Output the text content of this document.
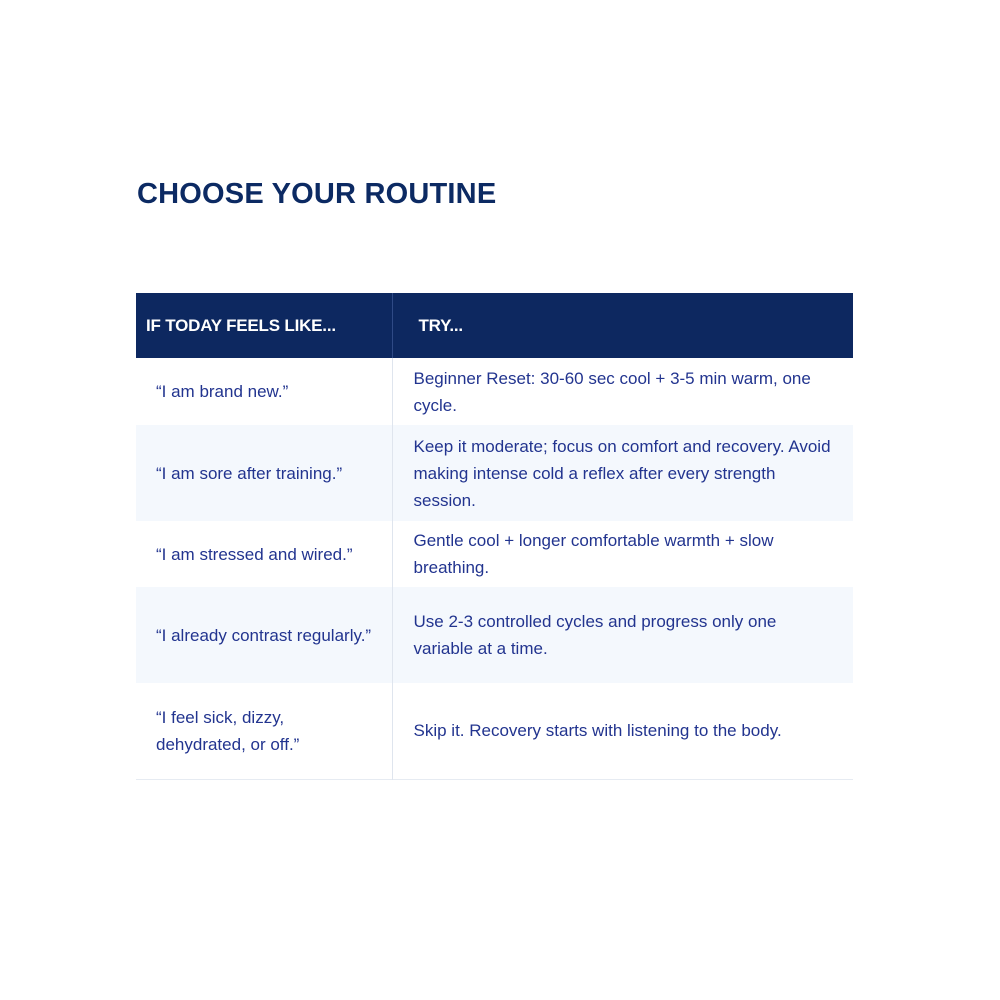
CHOOSE YOUR ROUTINE
IF TODAY FEELS LIKE...	TRY...
“I am brand new.”	Beginner Reset: 30-60 sec cool + 3-5 min warm, one cycle.
“I am sore after training.”	Keep it moderate; focus on comfort and recovery. Avoid making intense cold a reflex after every strength session.
“I am stressed and wired.”	Gentle cool + longer comfortable warmth + slow breathing.
“I already contrast regularly.”	Use 2-3 controlled cycles and progress only one variable at a time.
“I feel sick, dizzy, dehydrated, or off.”	Skip it. Recovery starts with listening to the body.
